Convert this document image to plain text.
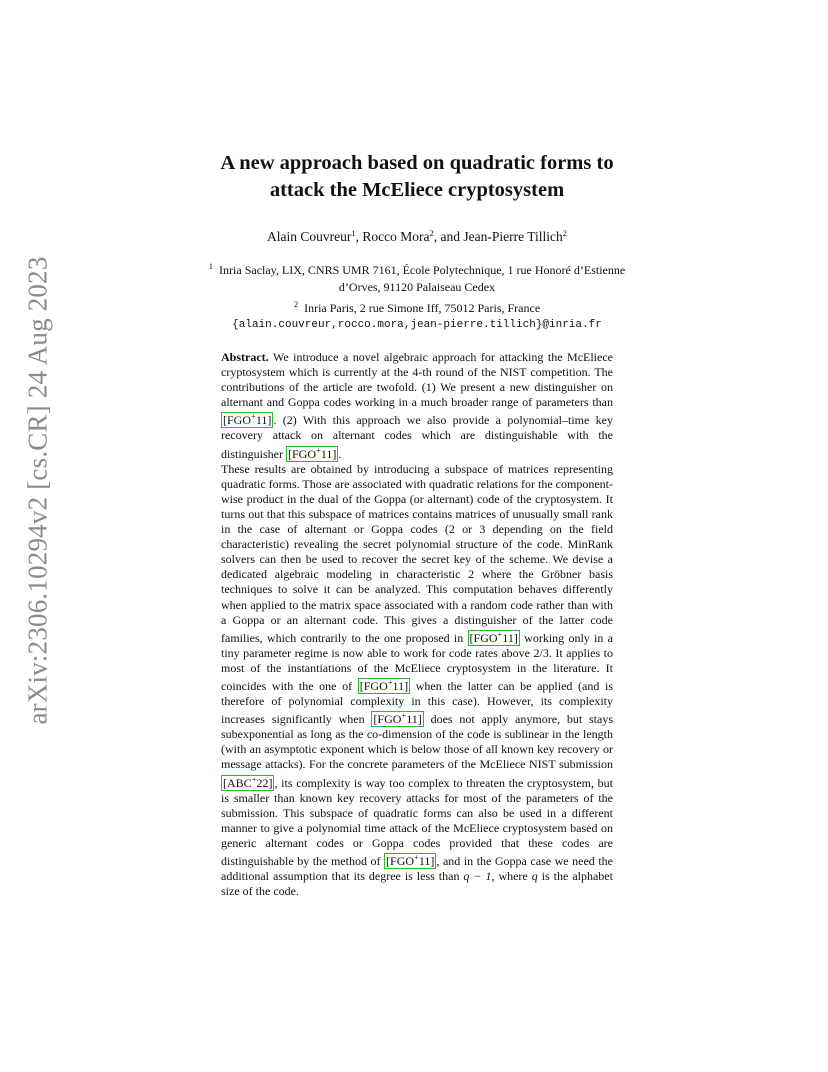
arXiv:2306.10294v2 [cs.CR] 24 Aug 2023
A new approach based on quadratic forms to
attack the McEliece cryptosystem
Alain Couvreur$^1$, Rocco Mora$^2$, and Jean-Pierre Tillich$^2$
$^1$ Inria Saclay, LIX, CNRS UMR 7161, École Polytechnique, 1 rue Honoré d’Estienne
d’Orves, 91120 Palaiseau Cedex
$^2$ Inria Paris, 2 rue Simone Iff, 75012 Paris, France
{alain.couvreur,rocco.mora,jean-pierre.tillich}@inria.fr

Abstract. We introduce a novel algebraic approach for attacking the McEliece cryptosystem which is currently at the 4-th round of the NIST competition. The contributions of the article are twofold. (1) We present a new distinguisher on alternant and Goppa codes working in a much broader range of parameters than [FGO+11] . (2) With this approach we also provide a polynomial–time key recovery attack on alternant codes which are distinguishable with the distinguisher [FGO+11] .

These results are obtained by introducing a subspace of matrices representing quadratic forms. Those are associated with quadratic relations for the component-wise product in the dual of the Goppa (or alternant) code of the cryptosystem. It turns out that this subspace of matrices contains matrices of unusually small rank in the case of alternant or Goppa codes (2 or 3 depending on the field characteristic) revealing the secret polynomial structure of the code. MinRank solvers can then be used to recover the secret key of the scheme. We devise a dedicated algebraic modeling in characteristic 2 where the Gröbner basis techniques to solve it can be analyzed. This computation behaves differently when applied to the matrix space associated with a random code rather than with a Goppa or an alternant code. This gives a distinguisher of the latter code families, which contrarily to the one proposed in [FGO+11] working only in a tiny parameter regime is now able to work for code rates above 2/3. It applies to most of the instantiations of the McEliece cryptosystem in the literature. It coincides with the one of [FGO+11] when the latter can be applied (and is therefore of polynomial complexity in this case). However, its complexity increases significantly when [FGO+11] does not apply anymore, but stays subexponential as long as the co-dimension of the code is sublinear in the length (with an asymptotic exponent which is below those of all known key recovery or message attacks). For the concrete parameters of the McEliece NIST submission [ABC+22] , its complexity is way too complex to threaten the cryptosystem, but is smaller than known key recovery attacks for most of the parameters of the submission. This subspace of quadratic forms can also be used in a different manner to give a polynomial time attack of the McEliece cryptosystem based on generic alternant codes or Goppa codes provided that these codes are distinguishable by the method of [FGO+11] , and in the Goppa case we need the additional assumption that its degree is less than q − 1, where q is the alphabet size of the code.
